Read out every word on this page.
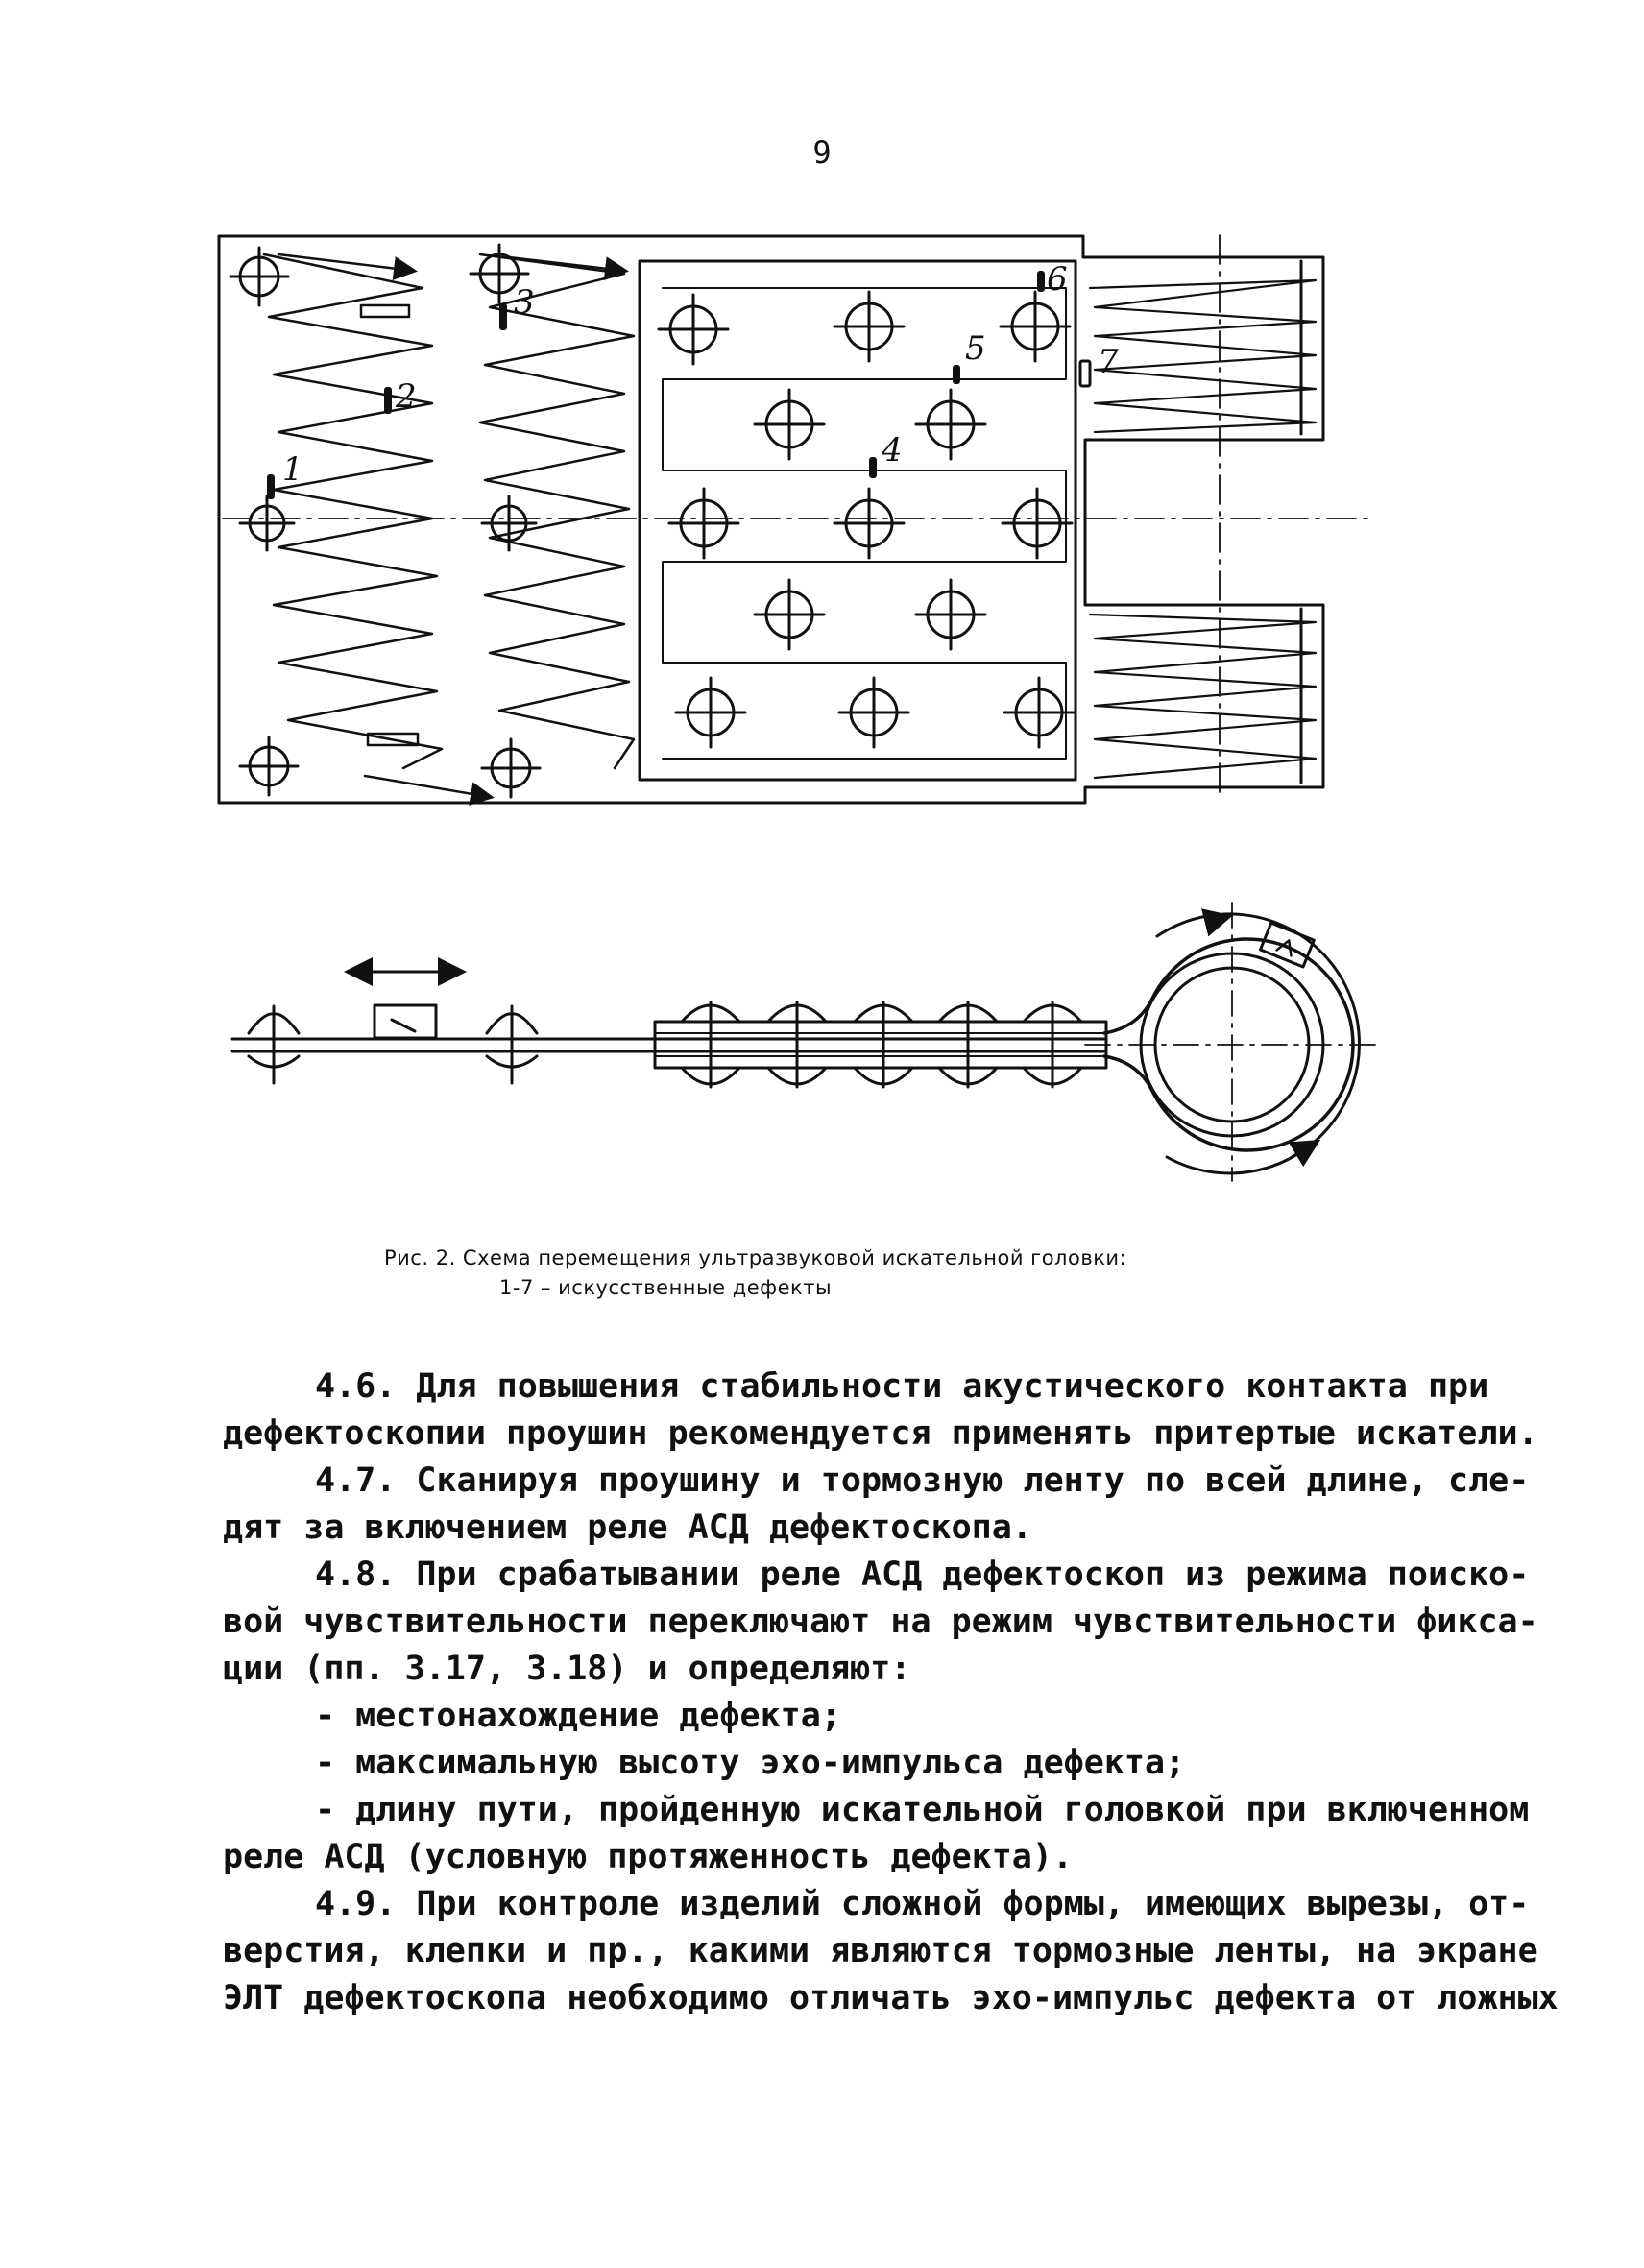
9
1
2
3
4
5
6
7
Рис. 2. Схема перемещения ультразвуковой искательной головки:
1-7 – искусственные дефекты

4.6. Для повышения стабильности акустического контакта при

дефектоскопии проушин рекомендуется применять притертые искатели.

4.7. Сканируя проушину и тормозную ленту по всей длине, сле-

дят за включением реле АСД дефектоскопа.

4.8. При срабатывании реле АСД дефектоскоп из режима поиско-

вой чувствительности переключают на режим чувствительности фикса-

ции (пп. 3.17, 3.18) и определяют:

- местонахождение дефекта;

- максимальную высоту эхо-импульса дефекта;

- длину пути, пройденную искательной головкой при включенном

реле АСД (условную протяженность дефекта).

4.9. При контроле изделий сложной формы, имеющих вырезы, от-

верстия, клепки и пр., какими являются тормозные ленты, на экране

ЭЛТ дефектоскопа необходимо отличать эхо-импульс дефекта от ложных
